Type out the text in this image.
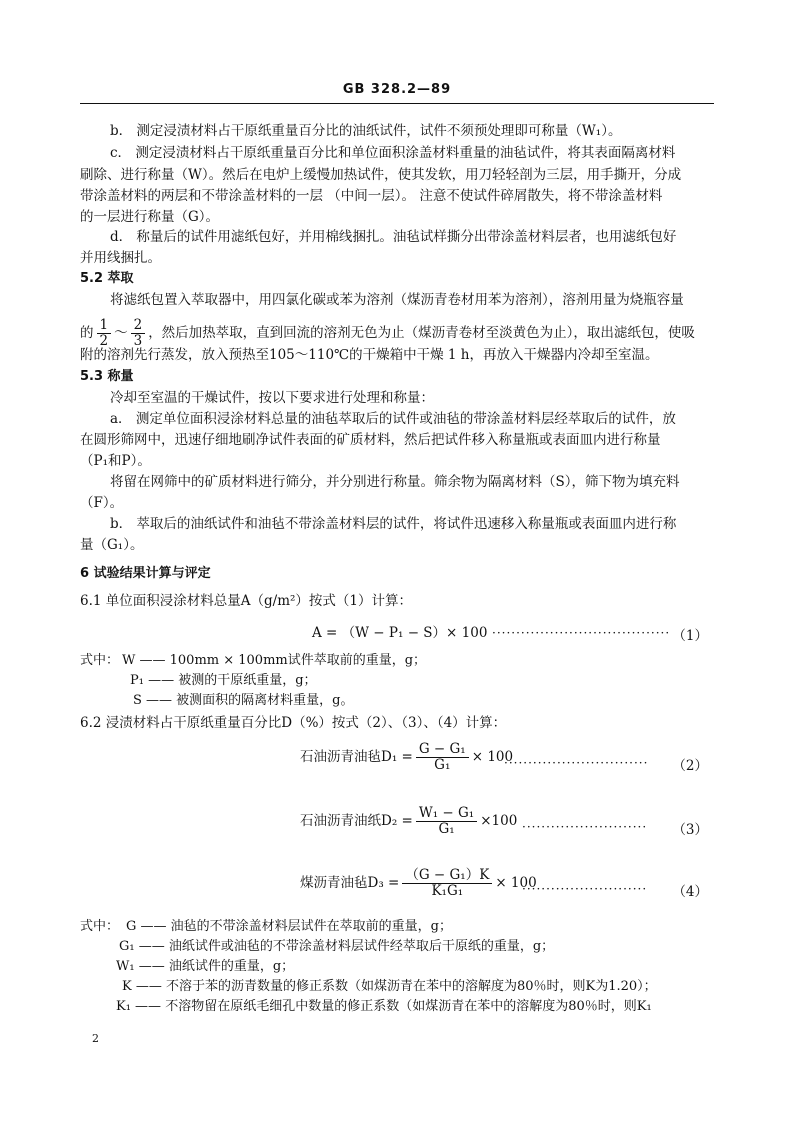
GB 328.2—89
b． 测定浸渍材料占干原纸重量百分比的油纸试件，试件不须预处理即可称量（W₁）。
c． 测定浸渍材料占干原纸重量百分比和单位面积涂盖材料重量的油毡试件，将其表面隔离材料
刷除、进行称量（W）。然后在电炉上缓慢加热试件，使其发软，用刀轻轻剖为三层，用手撕开，分成
带涂盖材料的两层和不带涂盖材料的一层 （中间一层）。 注意不使试件碎屑散失，将不带涂盖材料
的一层进行称量（G）。
d． 称量后的试件用滤纸包好，并用棉线捆扎。油毡试样撕分出带涂盖材料层者，也用滤纸包好
并用线捆扎。
5.2 萃取
将滤纸包置入萃取器中，用四氯化碳或苯为溶剂（煤沥青卷材用苯为溶剂），溶剂用量为烧瓶容量
的 $\frac{1}{2}$ ～ $\frac{2}{3}$ ，然后加热萃取，直到回流的溶剂无色为止（煤沥青卷材至淡黄色为止），取出滤纸包，使吸
附的溶剂先行蒸发，放入预热至105～110℃的干燥箱中干燥 1 h，再放入干燥器内冷却至室温。
5.3 称量
冷却至室温的干燥试件，按以下要求进行处理和称量：
a． 测定单位面积浸涂材料总量的油毡萃取后的试件或油毡的带涂盖材料层经萃取后的试件，放
在圆形筛网中，迅速仔细地刷净试件表面的矿质材料，然后把试件移入称量瓶或表面皿内进行称量
（P₁和P）。
将留在网筛中的矿质材料进行筛分，并分别进行称量。筛余物为隔离材料（S），筛下物为填充料
（F）。
b． 萃取后的油纸试件和油毡不带涂盖材料层的试件，将试件迅速移入称量瓶或表面皿内进行称
量（G₁）。
6 试验结果计算与评定
6.1 单位面积浸涂材料总量A（g/m²）按式（1）计算：
A = （W − P₁ − S）× 100 ····································· （1）
式中： W —— 100mm × 100mm试件萃取前的重量，g；
P₁ —— 被测的干原纸重量，g；
S —— 被测面积的隔离材料重量，g。
6.2 浸渍材料占干原纸重量百分比D（%）按式（2）、（3）、（4）计算：
石油沥青油毡$D_1 = \frac{\text{G − G₁}}{\text{G₁}} \times 100$
······························ （2）
石油沥青油纸$D_2 = \frac{\text{W₁ − G₁}}{\text{G₁}} \times 100$ ·························· （3）
煤沥青油毡$D_3 = \frac{\text{（G − G₁）K}}{\text{K₁G₁}} \times 100$
·························· （4）
式中： G —— 油毡的不带涂盖材料层试件在萃取前的重量，g；
G₁ —— 油纸试件或油毡的不带涂盖材料层试件经萃取后干原纸的重量，g；
W₁ —— 油纸试件的重量，g；
K —— 不溶于苯的沥青数量的修正系数（如煤沥青在苯中的溶解度为80％时，则K为1.20）；
K₁ —— 不溶物留在原纸毛细孔中数量的修正系数（如煤沥青在苯中的溶解度为80％时，则K₁
2
